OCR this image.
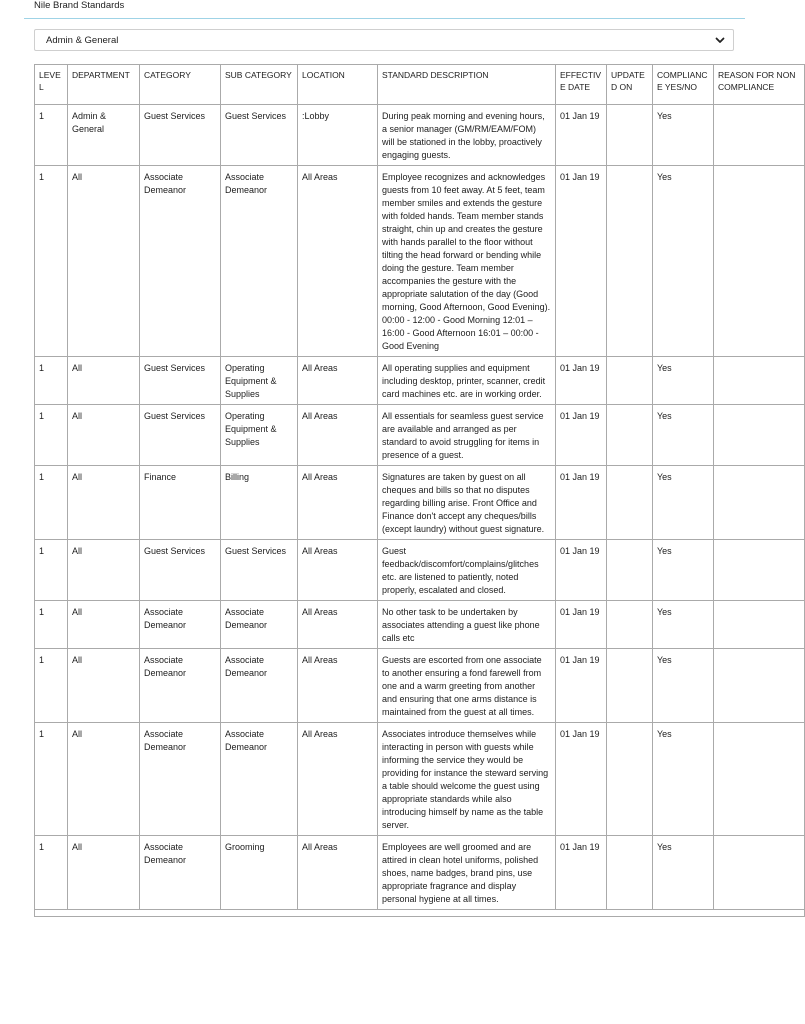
Nile Brand Standards
Admin & General
LEVEL	DEPARTMENT	CATEGORY	SUB CATEGORY	LOCATION	STANDARD DESCRIPTION	EFFECTIVE DATE	UPDATED ON	COMPLIANCE YES/NO	REASON FOR NON COMPLIANCE
1	Admin & General	Guest Services	Guest Services	:Lobby	During peak morning and evening hours, a senior manager (GM/RM/EAM/FOM) will be stationed in the lobby, proactively engaging guests.	01 Jan 19		Yes	
1	All	Associate Demeanor	Associate Demeanor	All Areas	Employee recognizes and acknowledges guests from 10 feet away. At 5 feet, team member smiles and extends the gesture with folded hands. Team member stands straight, chin up and creates the gesture with hands parallel to the floor without tilting the head forward or bending while doing the gesture. Team member accompanies the gesture with the appropriate salutation of the day (Good morning, Good Afternoon, Good Evening). 00:00 - 12:00 - Good Morning 12:01 – 16:00 - Good Afternoon 16:01 – 00:00 - Good Evening	01 Jan 19		Yes	
1	All	Guest Services	Operating Equipment & Supplies	All Areas	All operating supplies and equipment including desktop, printer, scanner, credit card machines etc. are in working order.	01 Jan 19		Yes	
1	All	Guest Services	Operating Equipment & Supplies	All Areas	All essentials for seamless guest service are available and arranged as per standard to avoid struggling for items in presence of a guest.	01 Jan 19		Yes	
1	All	Finance	Billing	All Areas	Signatures are taken by guest on all cheques and bills so that no disputes regarding billing arise. Front Office and Finance don't accept any cheques/bills (except laundry) without guest signature.	01 Jan 19		Yes	
1	All	Guest Services	Guest Services	All Areas	Guest feedback/discomfort/complains/glitches etc. are listened to patiently, noted properly, escalated and closed.	01 Jan 19		Yes	
1	All	Associate Demeanor	Associate Demeanor	All Areas	No other task to be undertaken by associates attending a guest like phone calls etc	01 Jan 19		Yes	
1	All	Associate Demeanor	Associate Demeanor	All Areas	Guests are escorted from one associate to another ensuring a fond farewell from one and a warm greeting from another and ensuring that one arms distance is maintained from the guest at all times.	01 Jan 19		Yes	
1	All	Associate Demeanor	Associate Demeanor	All Areas	Associates introduce themselves while interacting in person with guests while informing the service they would be providing for instance the steward serving a table should welcome the guest using appropriate standards while also introducing himself by name as the table server.	01 Jan 19		Yes	
1	All	Associate Demeanor	Grooming	All Areas	Employees are well groomed and are attired in clean hotel uniforms, polished shoes, name badges, brand pins, use appropriate fragrance and display personal hygiene at all times.	01 Jan 19		Yes	
